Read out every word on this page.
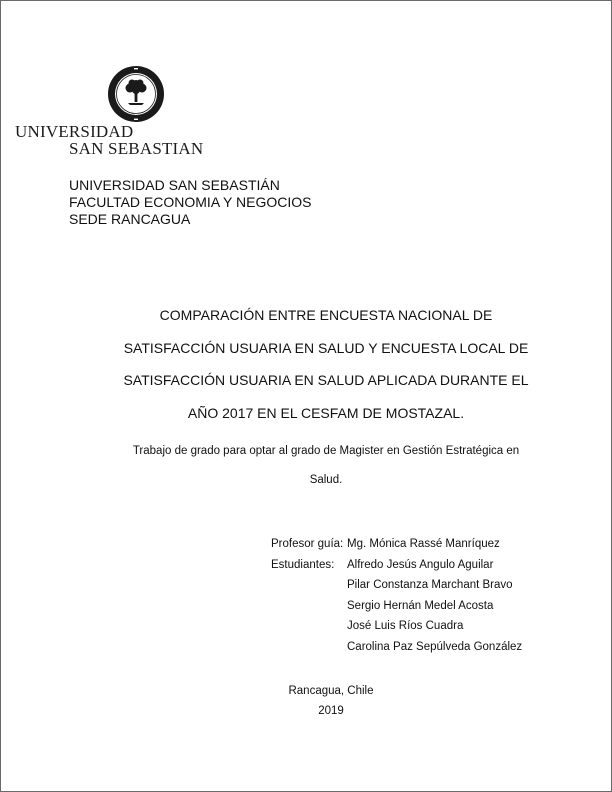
UNIVERSIDAD
SAN SEBASTIAN
UNIVERSIDAD SAN SEBASTIÁN
FACULTAD ECONOMIA Y NEGOCIOS
SEDE RANCAGUA
COMPARACIÓN ENTRE ENCUESTA NACIONAL DE
SATISFACCIÓN USUARIA EN SALUD Y ENCUESTA LOCAL DE
SATISFACCIÓN USUARIA EN SALUD APLICADA DURANTE EL
AÑO 2017 EN EL CESFAM DE MOSTAZAL.
Trabajo de grado para optar al grado de Magister en Gestión Estratégica en
Salud.
Profesor guía: Mg. Mónica Rassé Manríquez
Estudiantes: Alfredo Jesús Angulo Aguilar
Pilar Constanza Marchant Bravo
Sergio Hernán Medel Acosta
José Luis Ríos Cuadra
Carolina Paz Sepúlveda González
Rancagua, Chile
2019
